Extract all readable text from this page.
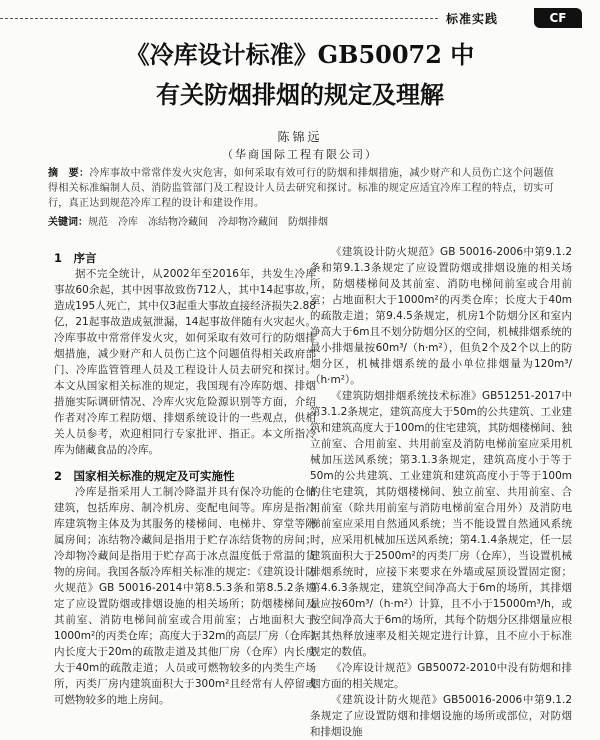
标准实践	CF
《冷库设计标准》GB50072 中
有关防烟排烟的规定及理解
陈锦远
（华商国际工程有限公司）
摘　要：冷库事故中常常伴发火灾危害，如何采取有效可行的防烟和排烟措施，减少财产和人员伤亡这个问题值得相关标准编制人员、消防监管部门及工程设计人员去研究和探讨。标准的规定应适宜冷库工程的特点，切实可行，真正达到规范冷库工程的设计和建设作用。
关键词：规范　冷库　冻结物冷藏间　冷却物冷藏间　防烟排烟

1　序言

据不完全统计，从2002年至2016年，共发生冷库事故60余起，其中因事故致伤712人，其中14起事故，造成195人死亡，其中仅3起重大事故直接经济损失2.88亿，21起事故造成氨泄漏，14起事故伴随有火灾起火。冷库事故中常常伴发火灾，如何采取有效可行的防烟排烟措施，减少财产和人员伤亡这个问题值得相关政府部门、冷库监管管理人员及工程设计人员去研究和探讨。本文从国家相关标准的规定，我国现有冷库防烟、排烟措施实际调研情况、冷库火灾危险源识别等方面，介绍作者对冷库工程防烟、排烟系统设计的一些观点，供相关人员参考，欢迎相同行专家批评、指正。本文所指冷库为储藏食品的冷库。

2　国家相关标准的规定及可实施性

冷库是指采用人工制冷降温并具有保冷功能的仓储建筑，包括库房、制冷机房、变配电间等。库房是指冷库建筑物主体及为其服务的楼梯间、电梯井、穿堂等附属房间；冻结物冷藏间是指用于贮存冻结货物的房间；冷却物冷藏间是指用于贮存高于冰点温度低于常温的货物的房间。我国各版冷库相关标准的规定：《建筑设计防火规范》GB 50016-2014中第8.5.3条和第8.5.2条规定了应设置防烟或排烟设施的相关场所；防烟楼梯间及其前室、消防电梯间前室或合用前室；占地面积大于1000m²的丙类仓库；高度大于32m的高层厂房（仓库）内长度大于20m的疏散走道及其他厂房（仓库）内长度大于40m的疏散走道；人员或可燃物较多的内类生产场所，丙类厂房内建筑面积大于300m²且经常有人停留或可燃物较多的地上房间。

《建筑设计防火规范》GB 50016-2006中第9.1.2条和第9.1.3条规定了应设置防烟或排烟设施的相关场所，防烟楼梯间及其前室、消防电梯间前室或合用前室；占地面积大于1000m²的丙类仓库；长度大于40m的疏散走道；第9.4.5条规定，机房1个防烟分区和室内净高大于6m且不划分防烟分区的空间，机械排烟系统的最小排烟量按60m³/（h·m²），但负2个及2个以上的防烟分区，机械排烟系统的最小单位排烟量为120m³/（h·m²）。

《建筑防烟排烟系统技术标准》GB51251-2017中第3.1.2条规定，建筑高度大于50m的公共建筑、工业建筑和建筑高度大于100m的住宅建筑，其防烟楼梯间、独立前室、合用前室、共用前室及消防电梯前室应采用机械加压送风系统；第3.1.3条规定，建筑高度小于等于50m的公共建筑、工业建筑和建筑高度小于等于100m的住宅建筑，其防烟楼梯间、独立前室、共用前室、合用前室（除共用前室与消防电梯前室合用外）及消防电梯前室应采用自然通风系统；当不能设置自然通风系统时，应采用机械加压送风系统；第4.1.4条规定，任一层建筑面积大于2500m²的丙类厂房（仓库），当设置机械排烟系统时，应接下来要求在外墙或屋顶设置固定窗；第4.6.3条规定，建筑空间净高大于6m的场所，其排烟量应按60m³/（h·m²）计算，且不小于15000m³/h，或按空间净高大于6m的场所，其每个防烟分区排烟量应根据其热释放速率及相关规定进行计算，且不应小于标准规定的数值。

《冷库设计规范》GB50072-2010中没有防烟和排烟方面的相关规定。

《建筑设计防火规范》GB50016-2006中第9.1.2条规定了应设置防烟和排烟设施的场所或部位，对防烟和排烟设施
